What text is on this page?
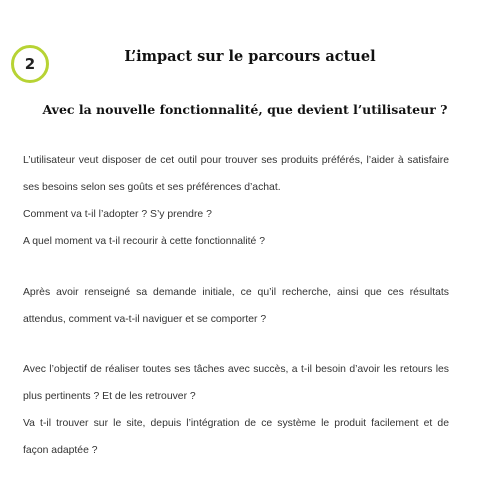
2	L’impact sur le parcours actuel
Avec la nouvelle fonctionnalité, que devient l’utilisateur ?
L’utilisateur veut disposer de cet outil pour trouver ses produits préférés, l’aider à satisfaire
ses besoins selon ses goûts et ses préférences d’achat.
Comment va t-il l’adopter ? S’y prendre ?
A quel moment va t-il recourir à cette fonctionnalité ?
Après avoir renseigné sa demande initiale, ce qu’il recherche, ainsi que ces résultats
attendus, comment va-t-il naviguer et se comporter ?
Avec l’objectif de réaliser toutes ses tâches avec succès, a t-il besoin d’avoir les retours les
plus pertinents ? Et de les retrouver ?
Va t-il trouver sur le site, depuis l’intégration de ce système le produit facilement et de
façon adaptée ?
